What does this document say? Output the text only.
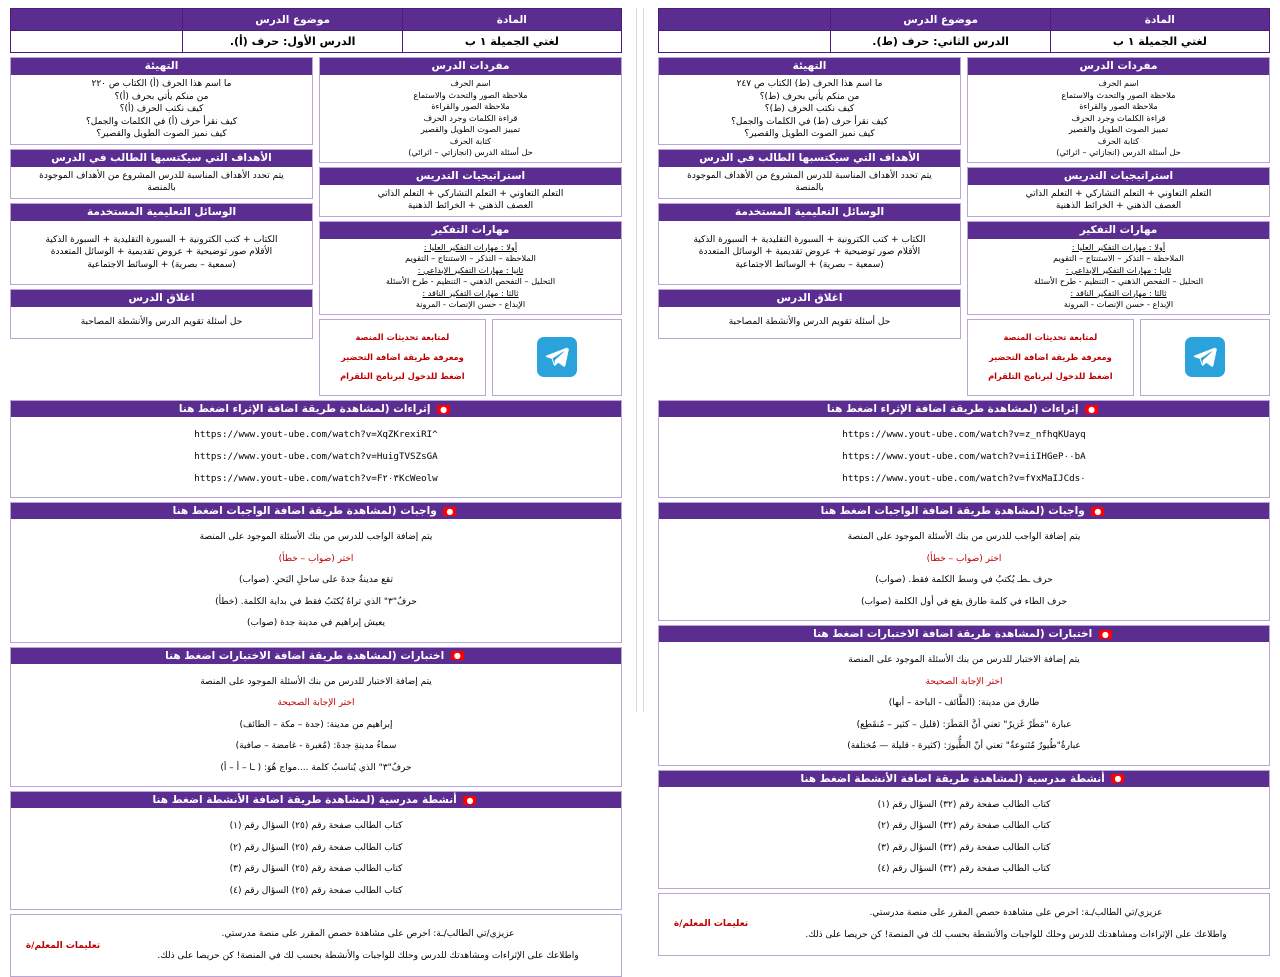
المادة	موضوع الدرس	
لغتي الجميلة ١ ب	الدرس الأول: حرف (أ).	
التهيئة

ما اسم هذا الحرف (أ) الكتاب ص ٢٢٠

من منكم يأتي بحرف (أ)؟

كيف نكتب الحرف (أ)؟

كيف نقرأ حرف (أ) في الكلمات والجمل؟

كيف نميز الصوت الطويل والقصير؟

الأهداف التي سيكتسبها الطالب في الدرس

يتم تحدد الأهداف المناسبة للدرس المشروع من الأهداف الموجودة

بالمنصة

الوسائل التعليمية المستخدمة

الكتاب + كتب الكترونية + السبورة التقليدية + السبورة الذكية

الأقلام صور توضيحية + عروض تقديمية + الوسائل المتعددة

(سمعية – بصرية) + الوسائط الاجتماعية

اغلاق الدرس

حل أسئلة تقويم الدرس والأنشطة المصاحبة

مفردات الدرس

اسم الحرف

ملاحظة الصور والتحدث والاستماع

ملاحظة الصور والقراءة

قراءة الكلمات وجرد الحرف

تمييز الصوت الطويل والقصير

كتابة الحرف

حل أسئلة الدرس (انجازاتي – اثرائي)

استراتيجيات التدريس

التعلم التعاوني + التعلم التشاركي + التعلم الذاتي

العصف الذهني + الخرائط الذهنية

مهارات التفكير

أولا : مهارات التفكير العليا :

الملاحظة – التذكر – الاستنتاج – التقويم

ثانيا : مهارات التفكير الإبداعي :

التحليل – التفحص الذهني – التنظيم - طرح الأسئلة

ثالثا : مهارات التفكير الناقد :

الإبداع - حسن الإنصات - المرونة

لمتابعة تحديثات المنصة

ومعرفة طريقة اضافة التحضير

اضغط للدخول لبرنامج التلقرام

● إثراءات (لمشاهدة طريقة اضافة الإثراء اضغط هنا

https://www.yout-ube.com/watch?v=XqZKrexiRI^

https://www.yout-ube.com/watch?v=HuigTVSZsGA

https://www.yout-ube.com/watch?v=F٢٠٣KcWeolw

● واجبات (لمشاهدة طريقة اضافة الواجبات اضغط هنا

يتم إضافة الواجب للدرس من بنك الأسئلة الموجود على المنصة

اختر (صواب – خطأ)

تقع مدينةُ جدةَ على ساحلِ البَحرِ. (صواب)

حرفُ"٣" الذي تراهُ يُكتَبُ فقط في بداية الكلمة. (خطأ)

يعيش إبراهيم في مدينة جدة (صواب)

● اختبارات (لمشاهدة طريقة اضافة الاختبارات اضغط هنا

يتم إضافة الاختبار للدرس من بنك الأسئلة الموجود على المنصة

اختر الإجابة الصحيحة

إبراهيم من مدينة: (جدة – مكة – الطائف)

سماءُ مدينةِ جدةَ: (مُغبرة - غامضة – صافية)

حرفُ"٣" الذي يُناسبُ كلمة ....مواج هُوَ: ( ـا – أ – أ)

● أنشطة مدرسية (لمشاهدة طريقة اضافة الأنشطة اضغط هنا

كتاب الطالب صفحة رقم (٢٥) السؤال رقم (١)

كتاب الطالب صفحة رقم (٢٥) السؤال رقم (٢)

كتاب الطالب صفحة رقم (٢٥) السؤال رقم (٣)

كتاب الطالب صفحة رقم (٢٥) السؤال رقم (٤)

تعليمات المعلم/ة

عزيزي/تي الطالب/ـة: احرص على مشاهدة حصص المقرر على منصة مدرستي.

واطلاعك على الإثراءات ومشاهدتك للدرس وحلك للواجبات والأنشطة بحسب لك في المنصة! كن حريصا على ذلك.

المادة	موضوع الدرس	
لغتي الجميلة ١ ب	الدرس الثاني: حرف (ط).	
التهيئة

ما اسم هذا الحرف (ط) الكتاب ص ٢٤٧

من منكم يأتي بحرف (ط)؟

كيف نكتب الحرف (ط)؟

كيف نقرأ حرف (ط) في الكلمات والجمل؟

كيف نميز الصوت الطويل والقصير؟

الأهداف التي سيكتسبها الطالب في الدرس

يتم تحدد الأهداف المناسبة للدرس المشروع من الأهداف الموجودة

بالمنصة

الوسائل التعليمية المستخدمة

الكتاب + كتب الكترونية + السبورة التقليدية + السبورة الذكية

الأقلام صور توضيحية + عروض تقديمية + الوسائل المتعددة

(سمعية – بصرية) + الوسائط الاجتماعية

اغلاق الدرس

حل أسئلة تقويم الدرس والأنشطة المصاحبة

مفردات الدرس

اسم الحرف

ملاحظة الصور والتحدث والاستماع

ملاحظة الصور والقراءة

قراءة الكلمات وجرد الحرف

تمييز الصوت الطويل والقصير

كتابة الحرف

حل أسئلة الدرس (انجازاتي – اثرائي)

استراتيجيات التدريس

التعلم التعاوني + التعلم التشاركي + التعلم الذاتي

العصف الذهني + الخرائط الذهنية

مهارات التفكير

أولا : مهارات التفكير العليا :

الملاحظة – التذكر – الاستنتاج – التقويم

ثانيا : مهارات التفكير الإبداعي :

التحليل – التفحص الذهني – التنظيم - طرح الأسئلة

ثالثا : مهارات التفكير الناقد :

الإبداع - حسن الإنصات - المرونة

لمتابعة تحديثات المنصة

ومعرفة طريقة اضافة التحضير

اضغط للدخول لبرنامج التلقرام

● إثراءات (لمشاهدة طريقة اضافة الإثراء اضغط هنا

https://www.yout-ube.com/watch?v=z_nfhqKUayq

https://www.yout-ube.com/watch?v=iiIHGeP٠٠bA

https://www.yout-ube.com/watch?v=f٧xMaIJCds٠

● واجبات (لمشاهدة طريقة اضافة الواجبات اضغط هنا

يتم إضافة الواجب للدرس من بنك الأسئلة الموجود على المنصة

اختر (صواب – خطأ)

حرف ـطـ يُكتبُ في وسط الكلمة فقط. (صواب)

حرف الطاء في كلمة طارق يقع في أول الكلمة (صواب)

● اختبارات (لمشاهدة طريقة اضافة الاختبارات اضغط هنا

يتم إضافة الاختبار للدرس من بنك الأسئلة الموجود على المنصة

اختر الإجابة الصحيحة

طارق من مدينة: (الطَّائف - الباحة – أبها)

عبارة "مَطَرٌ غَزيرٌ" تعني أنَّ المَطَرَ: (قليل – كثير – مُنقَطِع)

عبارةُ"طُيورٌ مُتَنوعةٌ" تعني أنّ الطُّيورَ: (كثيرة - قليلة — مُختلفة)

● أنشطة مدرسية (لمشاهدة طريقة اضافة الأنشطة اضغط هنا

كتاب الطالب صفحة رقم (٣٢) السؤال رقم (١)

كتاب الطالب صفحة رقم (٣٢) السؤال رقم (٢)

كتاب الطالب صفحة رقم (٣٢) السؤال رقم (٣)

كتاب الطالب صفحة رقم (٣٢) السؤال رقم (٤)

تعليمات المعلم/ة

عزيزي/تي الطالب/ـة: احرص على مشاهدة حصص المقرر على منصة مدرستي.

واطلاعك على الإثراءات ومشاهدتك للدرس وحلك للواجبات والأنشطة بحسب لك في المنصة! كن حريصا على ذلك.
